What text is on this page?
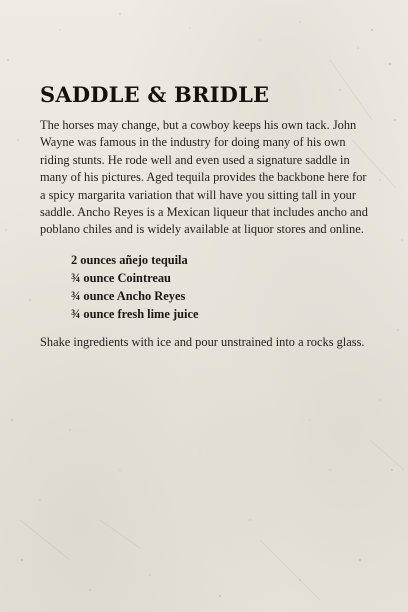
SADDLE & BRIDLE

The horses may change, but a cowboy keeps his own tack. John Wayne was famous in the industry for doing many of his own riding stunts. He rode well and even used a signature saddle in many of his pictures. Aged tequila provides the backbone here for a spicy margarita variation that will have you sitting tall in your saddle. Ancho Reyes is a Mexican liqueur that includes ancho and poblano chiles and is widely available at liquor stores and online.

2 ounces añejo tequila
¾ ounce Cointreau
¾ ounce Ancho Reyes
¾ ounce fresh lime juice

Shake ingredients with ice and pour unstrained into a rocks glass.
